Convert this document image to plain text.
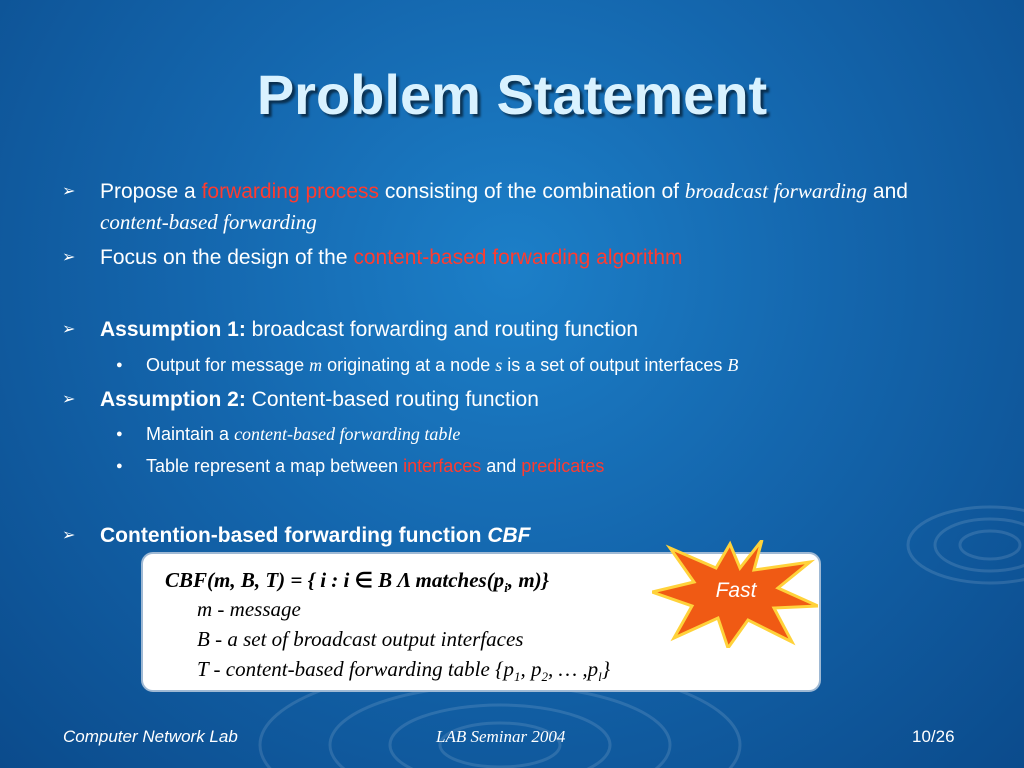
Problem Statement
➢ Propose a forwarding process consisting of the combination of broadcast forwarding and content-based forwarding
➢ Focus on the design of the content-based forwarding algorithm
➢ Assumption 1: broadcast forwarding and routing function
● Output for message m originating at a node s is a set of output interfaces B
➢ Assumption 2: Content-based routing function
● Maintain a content-based forwarding table
● Table represent a map between interfaces and predicates
➢ Contention-based forwarding function CBF
CBF(m, B, T) = { i : i ∈ B Λ $matches(p_i$, m)}
m - message
B - a set of broadcast output interfaces
T - content-based forwarding table {$p_1$, $p_2$, … $,p_l$}
Fast
Computer Network Lab	LAB Seminar 2004	10/26
